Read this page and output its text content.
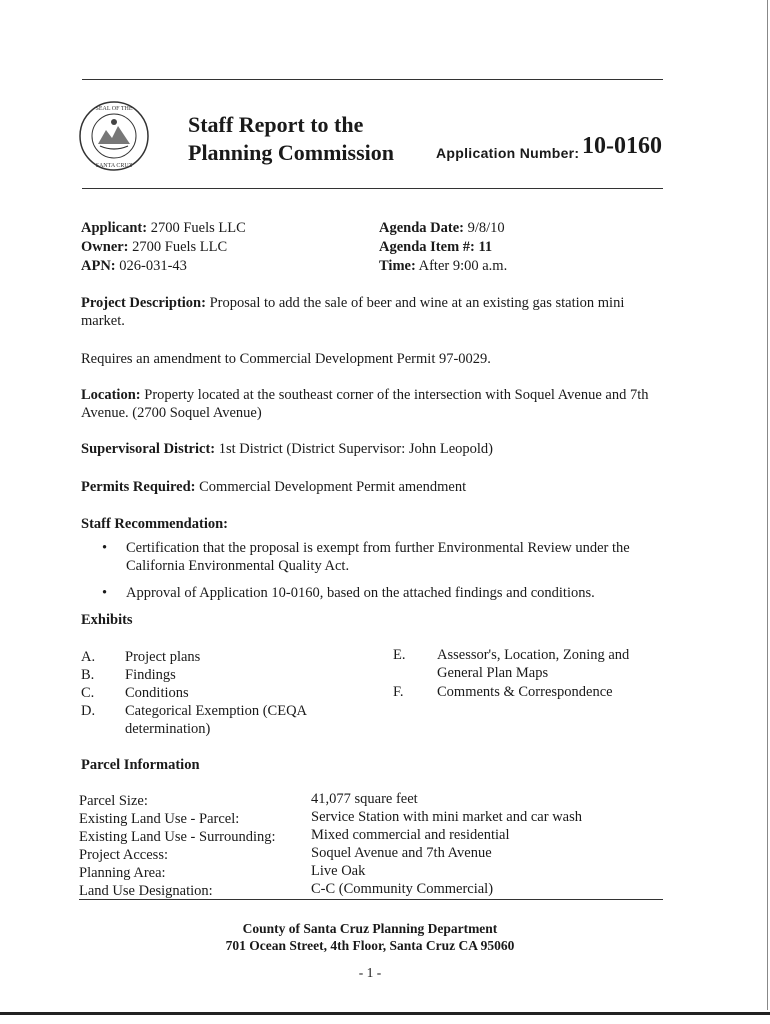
SEAL OF THE
SANTA CRUZ
Staff Report to the
Planning Commission	Application Number: 10-0160
Applicant: 2700 Fuels LLC
Owner: 2700 Fuels LLC
APN: 026-031-43
Agenda Date: 9/8/10
Agenda Item #: 11
Time: After 9:00 a.m.
Project Description: Proposal to add the sale of beer and wine at an existing gas station mini market.
Requires an amendment to Commercial Development Permit 97-0029.
Location: Property located at the southeast corner of the intersection with Soquel Avenue and 7th Avenue. (2700 Soquel Avenue)
Supervisoral District: 1st District (District Supervisor: John Leopold)
Permits Required: Commercial Development Permit amendment
Staff Recommendation:
• Certification that the proposal is exempt from further Environmental Review under the California Environmental Quality Act.
• Approval of Application 10-0160, based on the attached findings and conditions.
Exhibits
A. Project plans
B. Findings
C. Conditions
D. Categorical Exemption (CEQA determination)
E. Assessor's, Location, Zoning and General Plan Maps
F. Comments & Correspondence
Parcel Information
Parcel Size:	41,077 square feet
Existing Land Use - Parcel:	Service Station with mini market and car wash
Existing Land Use - Surrounding: Mixed commercial and residential
Project Access:	Soquel Avenue and 7th Avenue
Planning Area:	Live Oak
Land Use Designation:	C-C (Community Commercial)
County of Santa Cruz Planning Department
701 Ocean Street, 4th Floor, Santa Cruz CA 95060
- 1 -
